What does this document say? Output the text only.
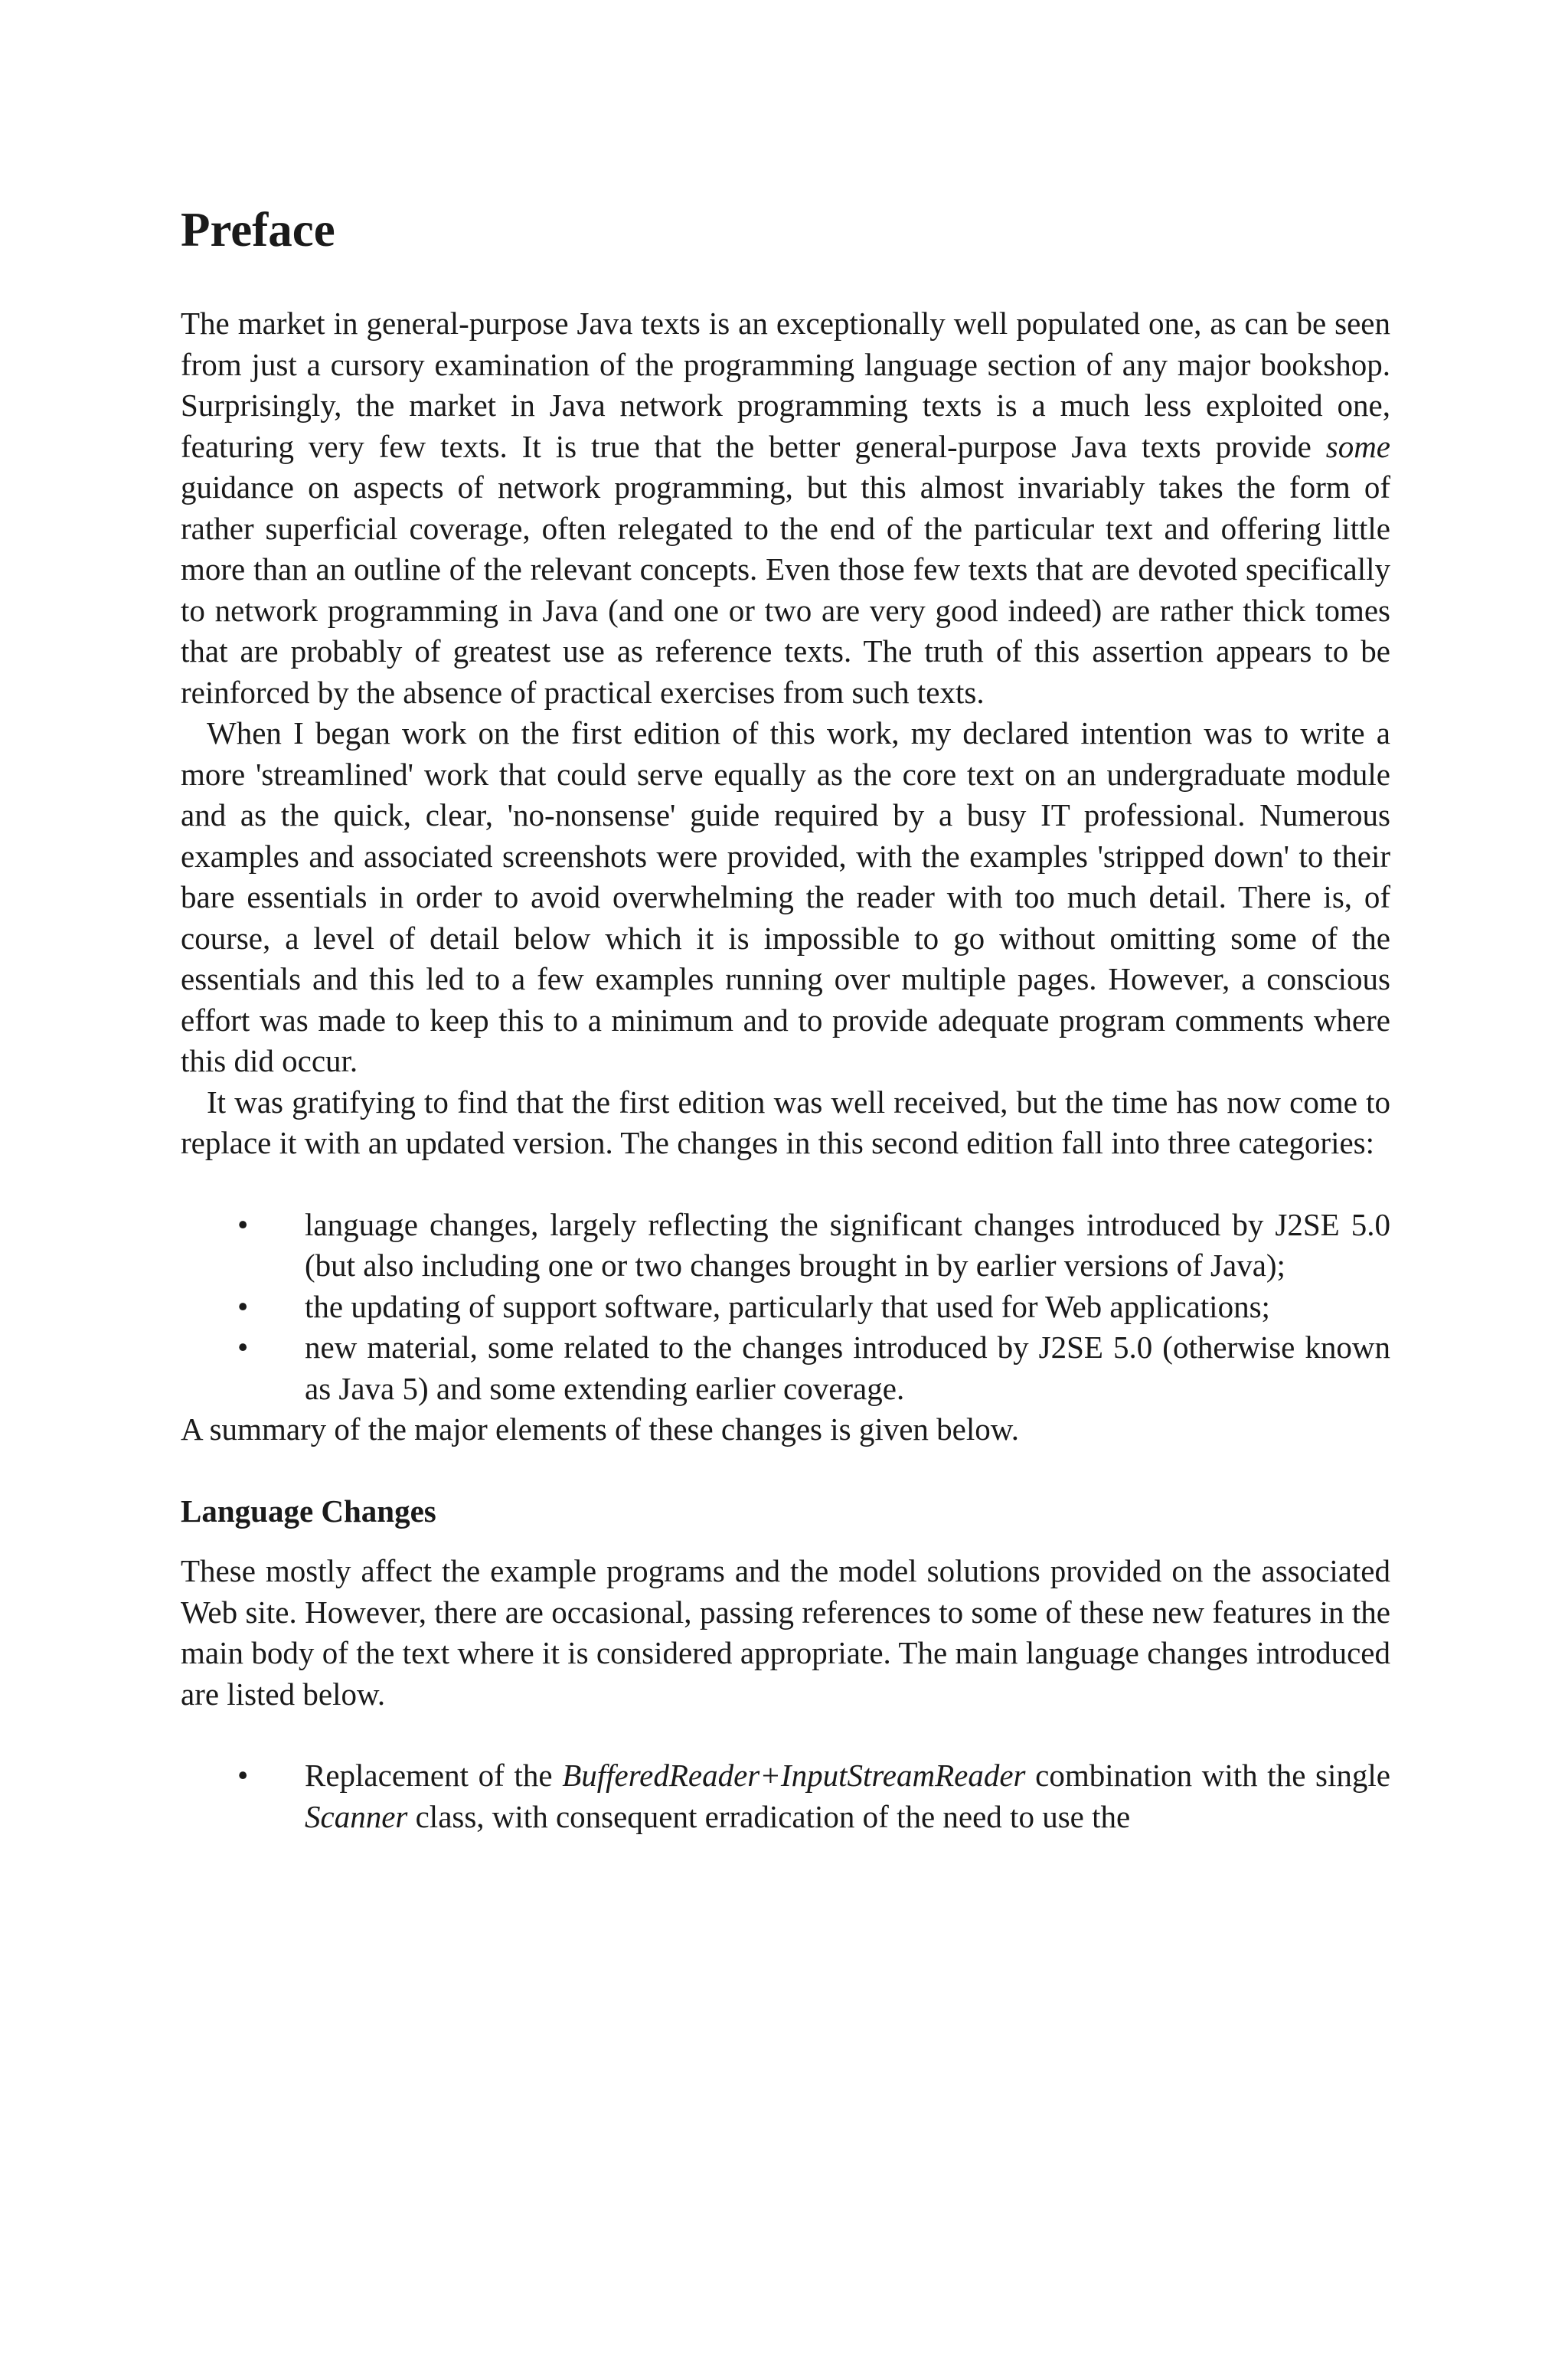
Preface

The market in general-purpose Java texts is an exceptionally well populated one, as can be seen from just a cursory examination of the programming language section of any major bookshop. Surprisingly, the market in Java network programming texts is a much less exploited one, featuring very few texts. It is true that the better general-purpose Java texts provide some guidance on aspects of network programming, but this almost invariably takes the form of rather superficial coverage, often relegated to the end of the particular text and offering little more than an outline of the relevant concepts. Even those few texts that are devoted specifically to network programming in Java (and one or two are very good indeed) are rather thick tomes that are probably of greatest use as reference texts. The truth of this assertion appears to be reinforced by the absence of practical exercises from such texts.

When I began work on the first edition of this work, my declared intention was to write a more 'streamlined' work that could serve equally as the core text on an undergraduate module and as the quick, clear, 'no-nonsense' guide required by a busy IT professional. Numerous examples and associated screenshots were provided, with the examples 'stripped down' to their bare essentials in order to avoid overwhelming the reader with too much detail. There is, of course, a level of detail below which it is impossible to go without omitting some of the essentials and this led to a few examples running over multiple pages. However, a conscious effort was made to keep this to a minimum and to provide adequate program comments where this did occur.

It was gratifying to find that the first edition was well received, but the time has now come to replace it with an updated version. The changes in this second edition fall into three categories:

• language changes, largely reflecting the significant changes introduced by J2SE 5.0 (but also including one or two changes brought in by earlier versions of Java);
• the updating of support software, particularly that used for Web applications;
• new material, some related to the changes introduced by J2SE 5.0 (otherwise known as Java 5) and some extending earlier coverage.

A summary of the major elements of these changes is given below.

Language Changes

These mostly affect the example programs and the model solutions provided on the associated Web site. However, there are occasional, passing references to some of these new features in the main body of the text where it is considered appropriate. The main language changes introduced are listed below.

• Replacement of the BufferedReader+InputStreamReader combination with the single Scanner class, with consequent erradication of the need to use the
